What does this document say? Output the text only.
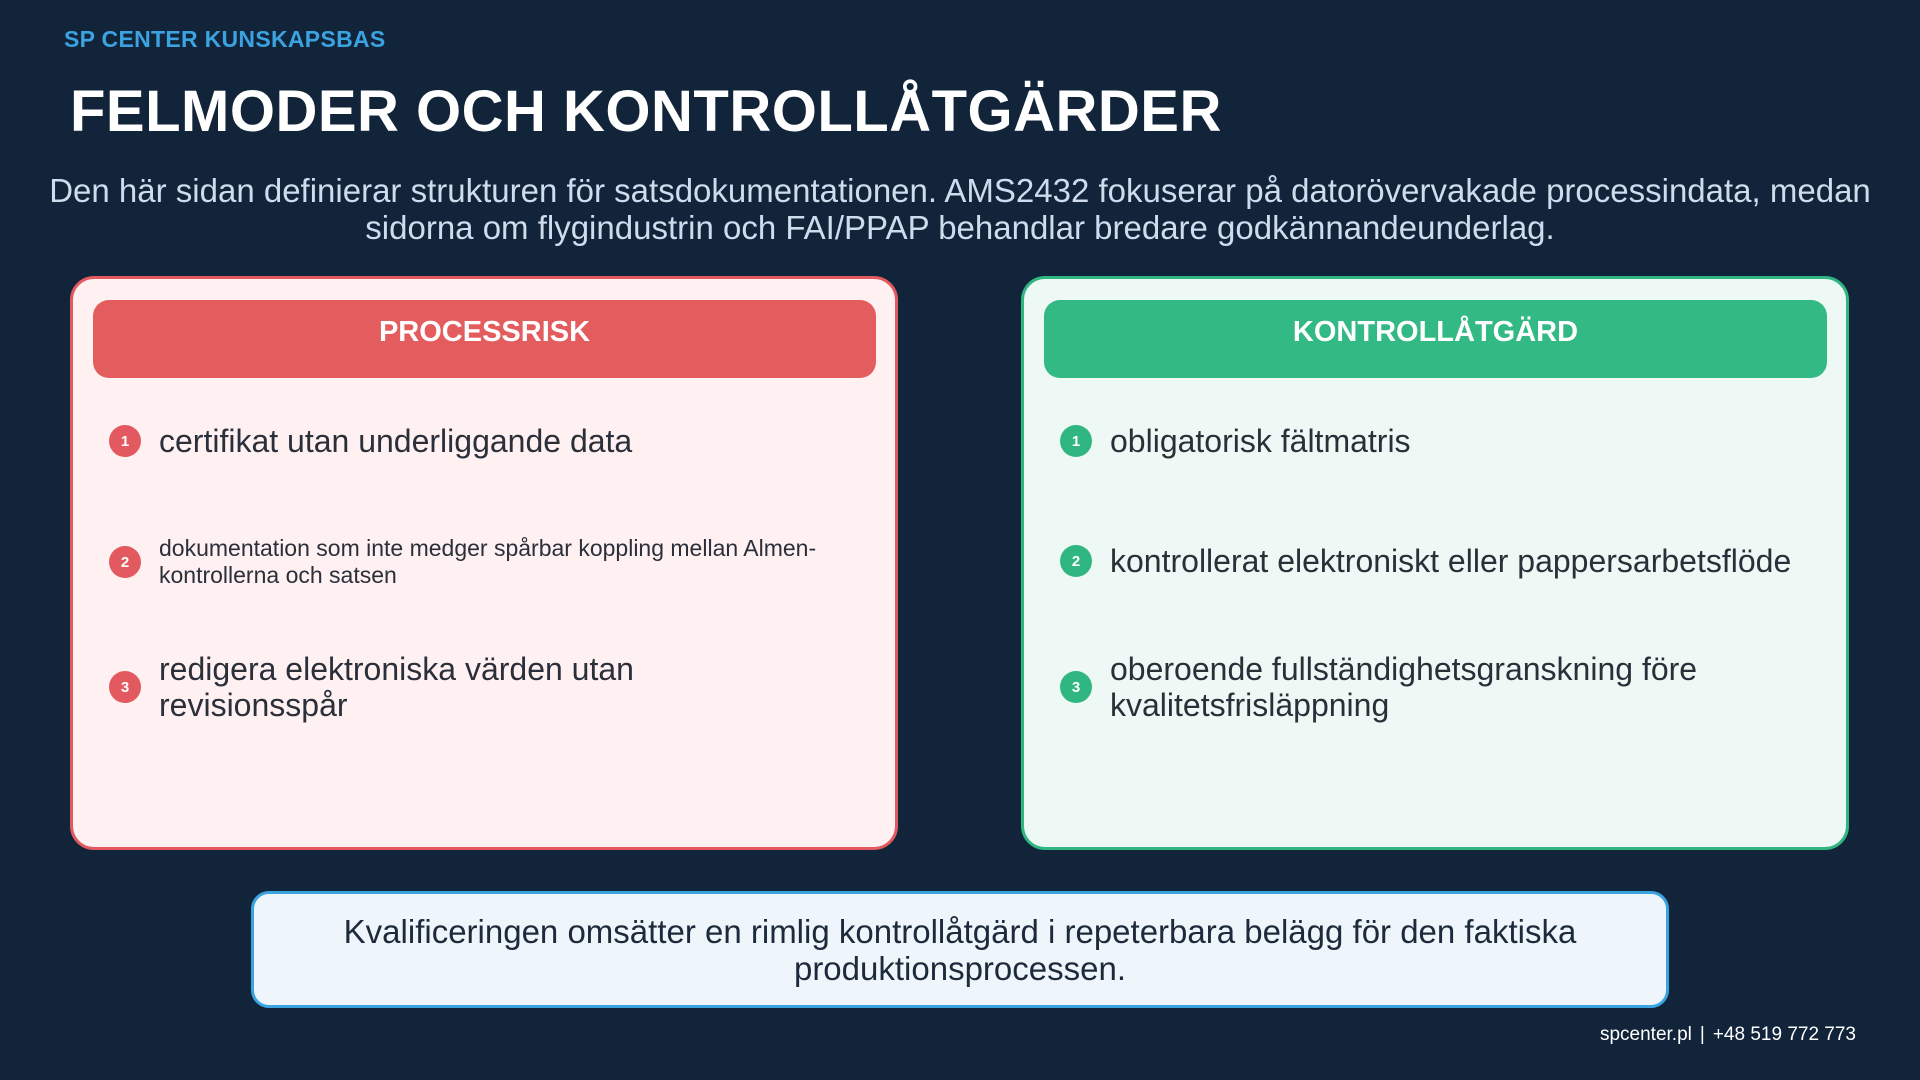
SP CENTER KUNSKAPSBAS
FELMODER OCH KONTROLLÅTGÄRDER
Den här sidan definierar strukturen för satsdokumentationen. AMS2432 fokuserar på datorövervakade processindata, medan
sidorna om flygindustrin och FAI/PPAP behandlar bredare godkännandeunderlag.
PROCESSRISK
1 certifikat utan underliggande data
2
dokumentation som inte medger spårbar koppling mellan Almen-kontrollerna och satsen
3 redigera elektroniska värden utan revisionsspår
KONTROLLÅTGÄRD
1 obligatorisk fältmatris
2 kontrollerat elektroniskt eller pappersarbetsflöde
3 oberoende fullständighetsgranskning före kvalitetsfrisläppning
Kvalificeringen omsätter en rimlig kontrollåtgärd i repeterbara belägg för den faktiska
produktionsprocessen.
spcenter.pl | +48 519 772 773
